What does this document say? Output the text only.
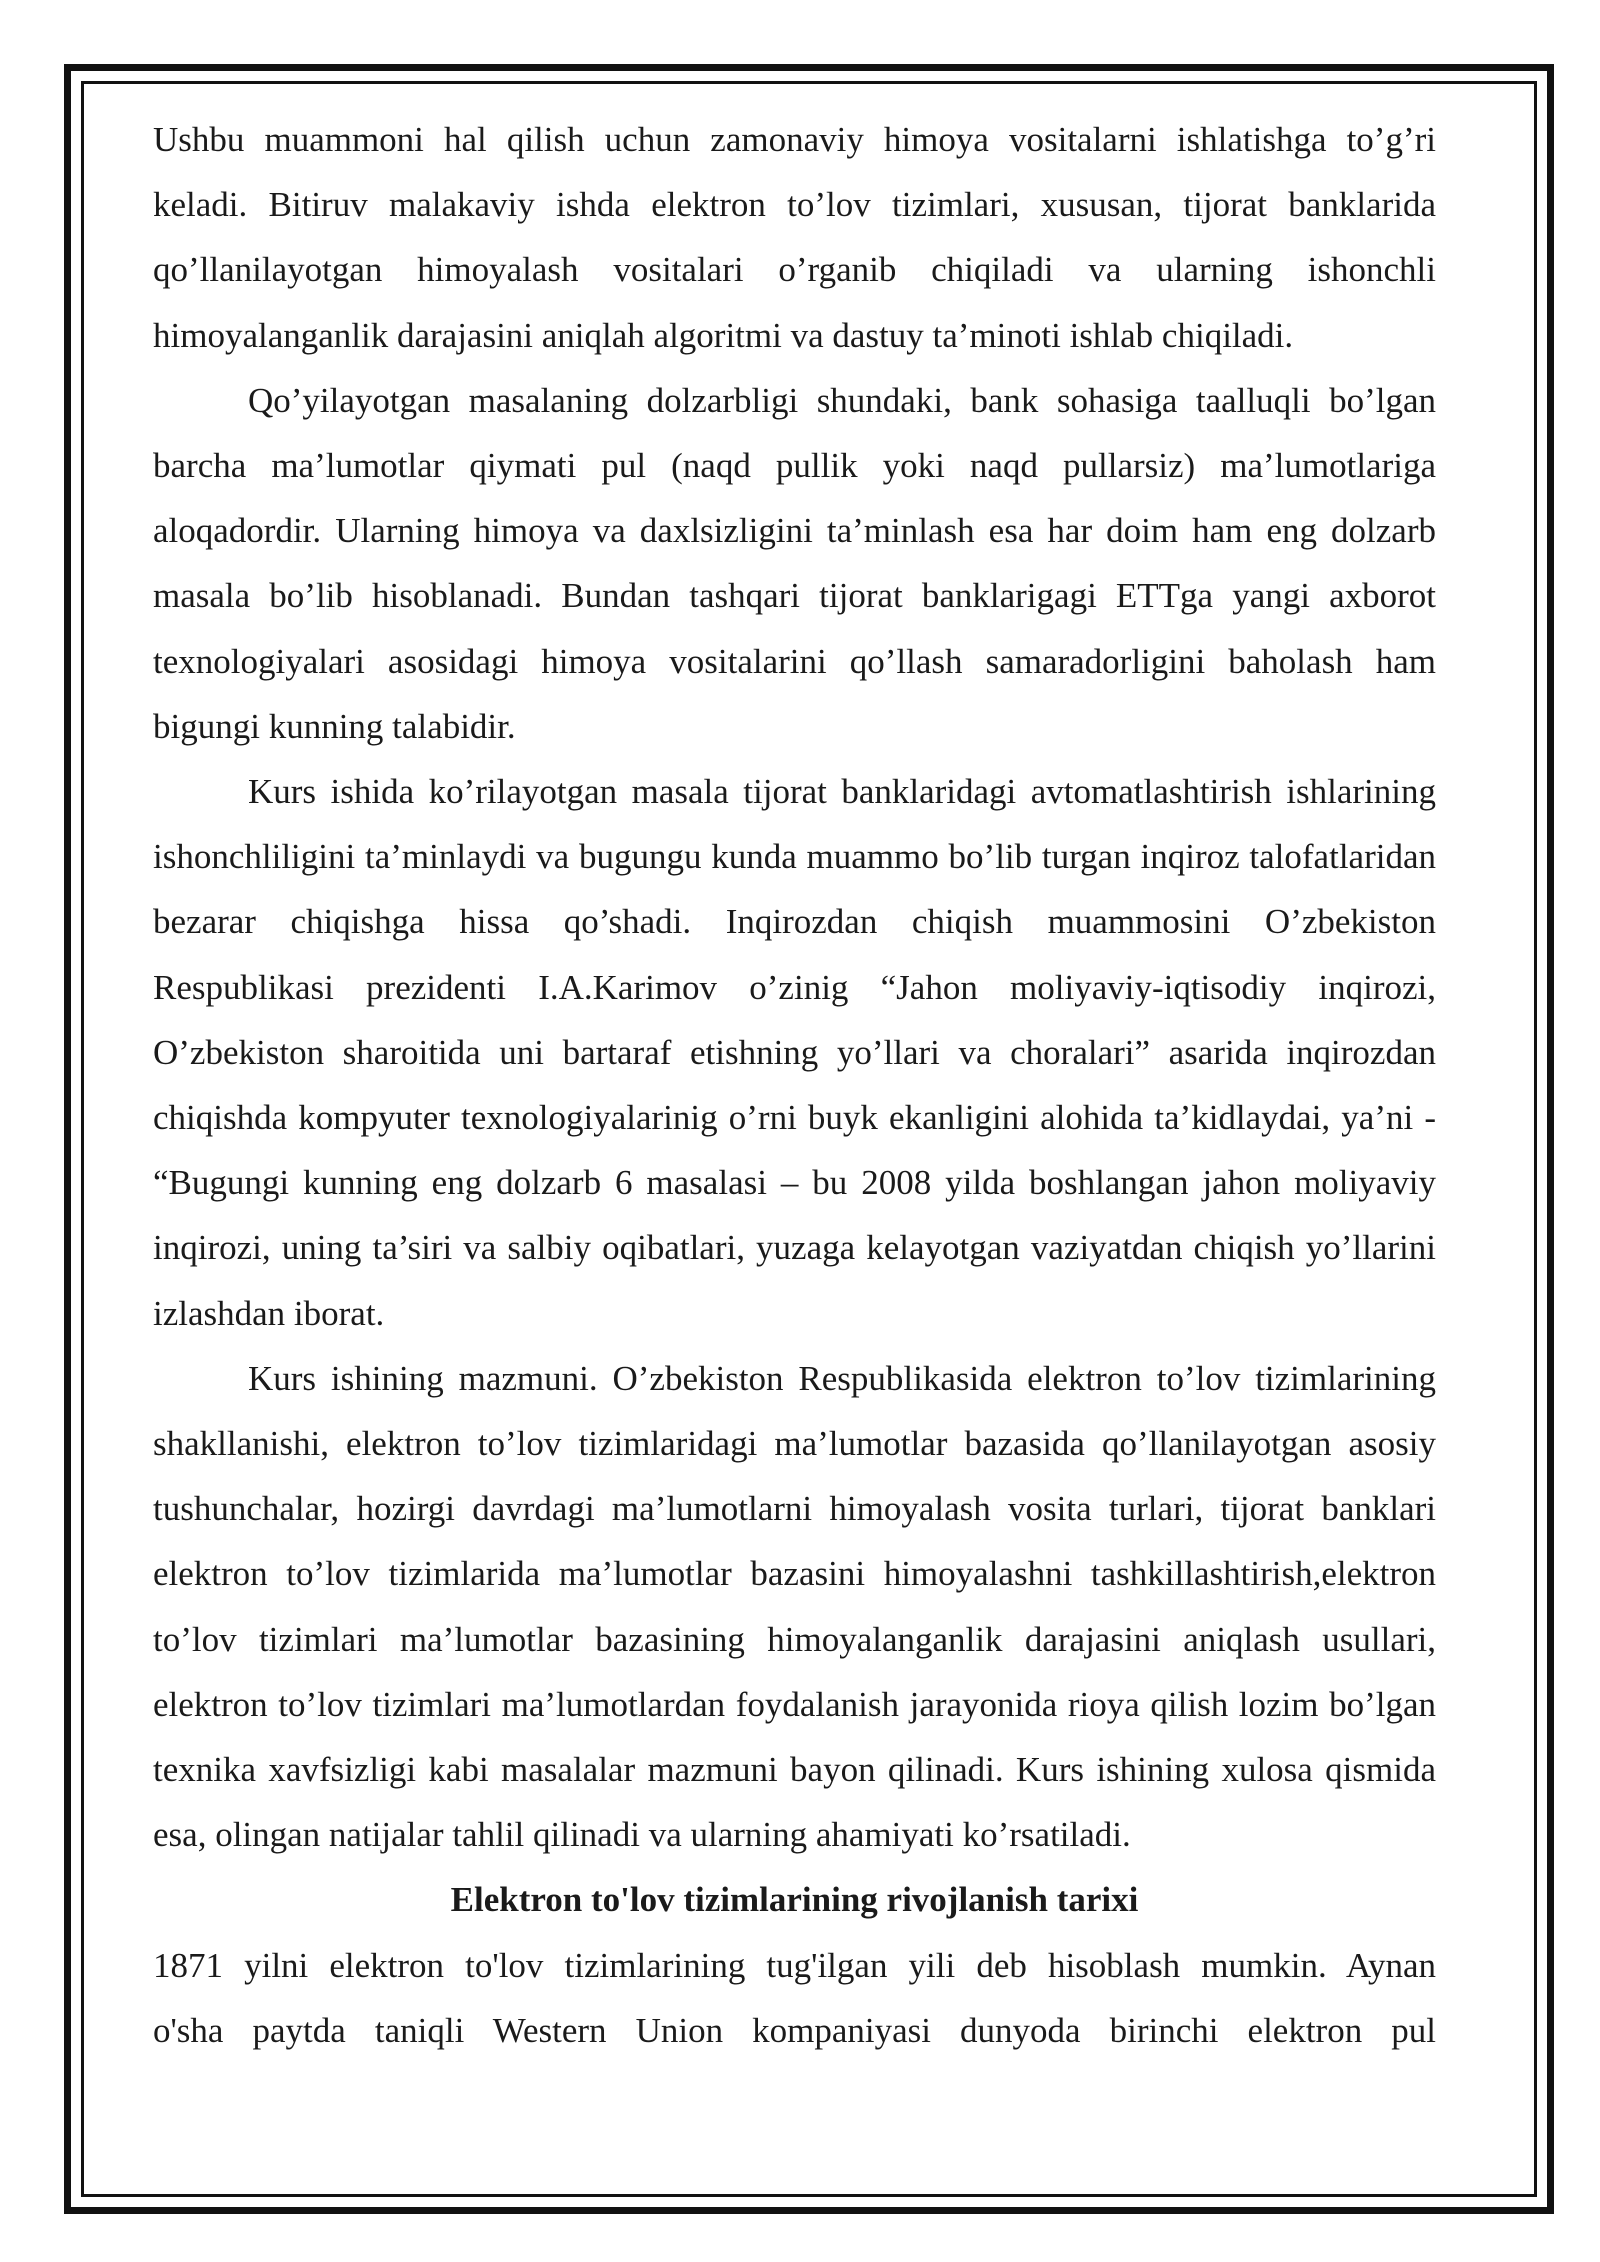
Ushbu muammoni hal qilish uchun zamonaviy himoya vositalarni ishlatishga to’g’ri keladi. Bitiruv malakaviy ishda elektron to’lov tizimlari, xususan, tijorat banklarida qo’llanilayotgan himoyalash vositalari o’rganib chiqiladi va ularning ishonchli himoyalanganlik darajasini aniqlah algoritmi va dastuy ta’minoti ishlab chiqiladi.

Qo’yilayotgan masalaning dolzarbligi shundaki, bank sohasiga taalluqli bo’lgan barcha ma’lumotlar qiymati pul (naqd pullik yoki naqd pullarsiz) ma’lumotlariga aloqadordir. Ularning himoya va daxlsizligini ta’minlash esa har doim ham eng dolzarb masala bo’lib hisoblanadi. Bundan tashqari tijorat banklarigagi ETTga yangi axborot texnologiyalari asosidagi himoya vositalarini qo’llash samaradorligini baholash ham bigungi kunning talabidir.

Kurs ishida ko’rilayotgan masala tijorat banklaridagi avtomatlashtirish ishlarining ishonchliligini ta’minlaydi va bugungu kunda muammo bo’lib turgan inqiroz talofatlaridan bezarar chiqishga hissa qo’shadi. Inqirozdan chiqish muammosini O’zbekiston Respublikasi prezidenti I.A.Karimov o’zinig “Jahon moliyaviy-iqtisodiy inqirozi, O’zbekiston sharoitida uni bartaraf etishning yo’llari va choralari” asarida inqirozdan chiqishda kompyuter texnologiyalarinig o’rni buyk ekanligini alohida ta’kidlaydai, ya’ni - “Bugungi kunning eng dolzarb 6 masalasi – bu 2008 yilda boshlangan jahon moliyaviy inqirozi, uning ta’siri va salbiy oqibatlari, yuzaga kelayotgan vaziyatdan chiqish yo’llarini izlashdan iborat.

Kurs ishining mazmuni. O’zbekiston Respublikasida elektron to’lov tizimlarining shakllanishi, elektron to’lov tizimlaridagi ma’lumotlar bazasida qo’llanilayotgan asosiy tushunchalar, hozirgi davrdagi ma’lumotlarni himoyalash vosita turlari, tijorat banklari elektron to’lov tizimlarida ma’lumotlar bazasini himoyalashni tashkillashtirish,elektron to’lov tizimlari ma’lumotlar bazasining himoyalanganlik darajasini aniqlash usullari, elektron to’lov tizimlari ma’lumotlardan foydalanish jarayonida rioya qilish lozim bo’lgan texnika xavfsizligi kabi masalalar mazmuni bayon qilinadi. Kurs ishining xulosa qismida esa, olingan natijalar tahlil qilinadi va ularning ahamiyati ko’rsatiladi.

Elektron to'lov tizimlarining rivojlanish tarixi

1871 yilni elektron to'lov tizimlarining tug'ilgan yili deb hisoblash mumkin. Aynan
o'sha paytda taniqli Western Union kompaniyasi dunyoda birinchi elektron pul
